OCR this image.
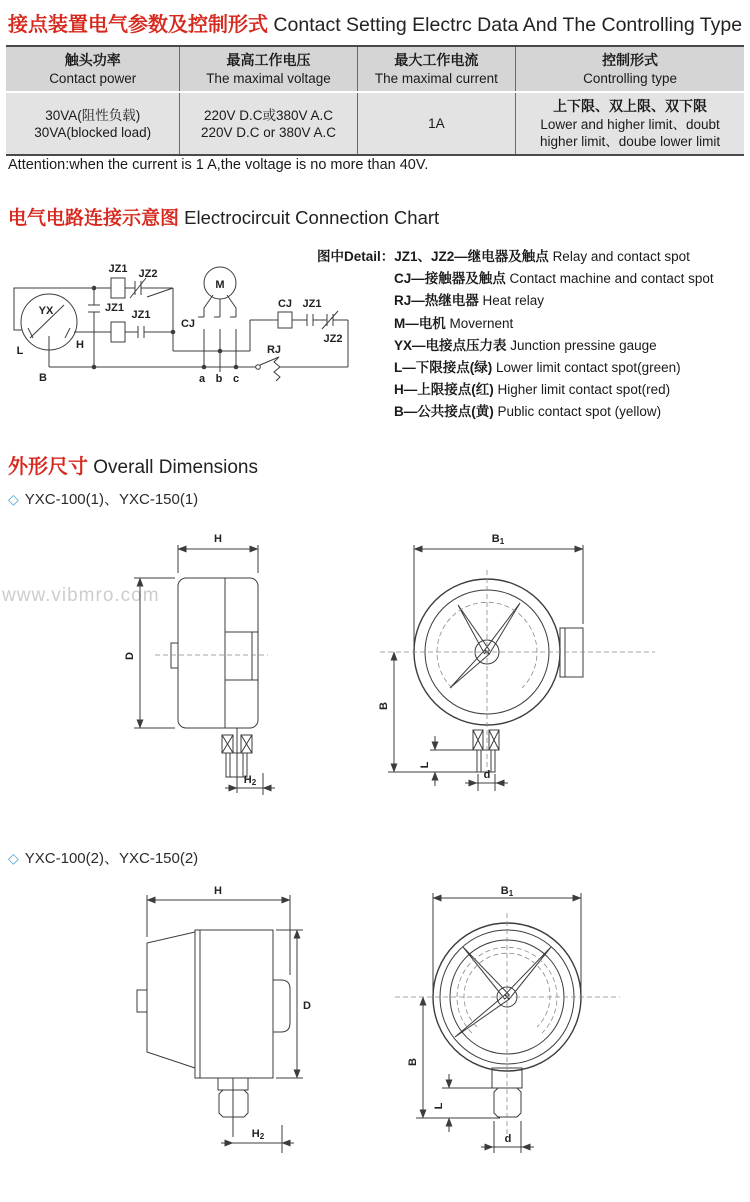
接点装置电气参数及控制形式 Contact Setting Electrc Data And The Controlling Type
触头功率
Contact power
最高工作电压
The maximal voltage
最大工作电流
The maximal current
控制形式
Controlling type
30VA(阻性负载)
30VA(blocked load)
220V D.C或380V A.C
220V D.C or 380V A.C
1A
上下限、双上限、双下限
Lower and higher limit、doubt
higher limit、doube lower limit
Attention:when the current is 1 A,the voltage is no more than 40V.
电气电路连接示意图 Electrocircuit Connection Chart
JZ1 JZ2
JZ1
JZ1
YX
L	H
B
M
CJ
a b c
RJ
CJ JZ1
JZ2
图中Detail：JZ1、JZ2—继电器及触点 Relay and contact spot
CJ—接触器及触点 Contact machine and contact spot
RJ—热继电器 Heat relay
M—电机 Movernent
YX—电接点压力表 Junction pressine gauge
L—下限接点(绿) Lower limit contact spot(green)
H—上限接点(红) Higher limit contact spot(red)
B—公共接点(黄) Public contact spot (yellow)
外形尺寸 Overall Dimensions
◇ YXC-100(1)、YXC-150(1)
www.vibmro.com
H
D
H2
B1
B
L
d
◇ YXC-100(2)、YXC-150(2)
H
D
H2
B1
B
L
d
